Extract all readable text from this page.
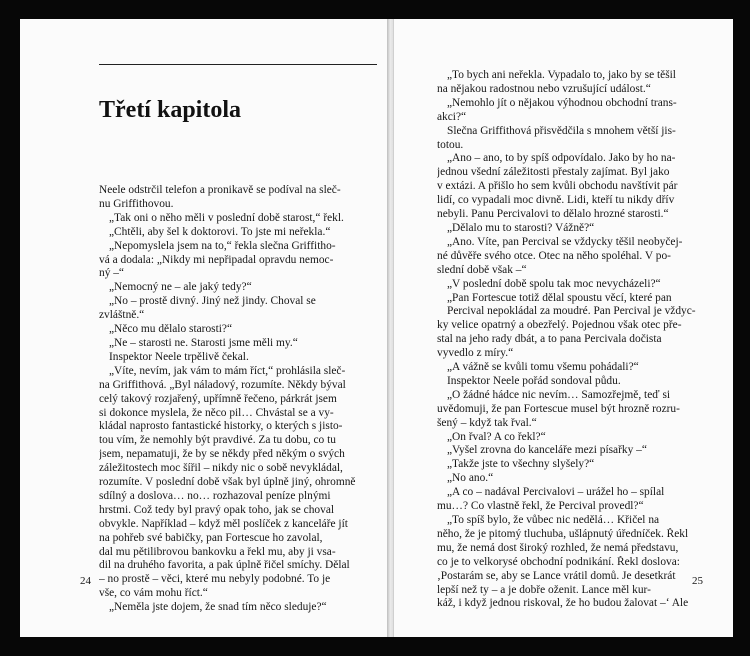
Třetí kapitola

Neele odstrčil telefon a pronikavě se podíval na sleč-

nu Griffithovou.

„Tak oni o něho měli v poslední době starost,“ řekl.

„Chtěli, aby šel k doktorovi. To jste mi neřekla.“

„Nepomyslela jsem na to,“ řekla slečna Griffitho-

vá a dodala: „Nikdy mi nepřipadal opravdu nemoc-

ný –“

„Nemocný ne – ale jaký tedy?“

„No – prostě divný. Jiný než jindy. Choval se

zvláštně.“

„Něco mu dělalo starosti?“

„Ne – starosti ne. Starosti jsme měli my.“

Inspektor Neele trpělivě čekal.

„Víte, nevím, jak vám to mám říct,“ prohlásila sleč-

na Griffithová. „Byl náladový, rozumíte. Někdy býval

celý takový rozjařený, upřímně řečeno, párkrát jsem

si dokonce myslela, že něco pil… Chvástal se a vy-

kládal naprosto fantastické historky, o kterých s jisto-

tou vím, že nemohly být pravdivé. Za tu dobu, co tu

jsem, nepamatuji, že by se někdy před někým o svých

záležitostech moc šířil – nikdy nic o sobě nevykládal,

rozumíte. V poslední době však byl úplně jiný, ohromně

sdílný a doslova… no… rozhazoval peníze plnými

hrstmi. Což tedy byl pravý opak toho, jak se choval

obvykle. Například – když měl poslíček z kanceláře jít

na pohřeb své babičky, pan Fortescue ho zavolal,

dal mu pětilibrovou bankovku a řekl mu, aby ji vsa-

dil na druhého favorita, a pak úplně řičel smíchy. Dělal

– no prostě – věci, které mu nebyly podobné. To je

vše, co vám mohu říct.“

„Neměla jste dojem, že snad tím něco sleduje?“

24

„To bych ani neřekla. Vypadalo to, jako by se těšil

na nějakou radostnou nebo vzrušující událost.“

„Nemohlo jít o nějakou výhodnou obchodní trans-

akci?“

Slečna Griffithová přisvědčila s mnohem větší jis-

totou.

„Ano – ano, to by spíš odpovídalo. Jako by ho na-

jednou všední záležitosti přestaly zajímat. Byl jako

v extázi. A přišlo ho sem kvůli obchodu navštívit pár

lidí, co vypadali moc divně. Lidi, kteří tu nikdy dřív

nebyli. Panu Percivalovi to dělalo hrozné starosti.“

„Dělalo mu to starosti? Vážně?“

„Ano. Víte, pan Percival se vždycky těšil neobyčej-

né důvěře svého otce. Otec na něho spoléhal. V po-

slední době však –“

„V poslední době spolu tak moc nevycházeli?“

„Pan Fortescue totiž dělal spoustu věcí, které pan

Percival nepokládal za moudré. Pan Percival je vždyc-

ky velice opatrný a obezřelý. Pojednou však otec pře-

stal na jeho rady dbát, a to pana Percivala dočista

vyvedlo z míry.“

„A vážně se kvůli tomu všemu pohádali?“

Inspektor Neele pořád sondoval půdu.

„O žádné hádce nic nevím… Samozřejmě, teď si

uvědomuji, že pan Fortescue musel být hrozně rozru-

šený – když tak řval.“

„On řval? A co řekl?“

„Vyšel zrovna do kanceláře mezi písařky –“

„Takže jste to všechny slyšely?“

„No ano.“

„A co – nadával Percivalovi – urážel ho – spílal

mu…? Co vlastně řekl, že Percival provedl?“

„To spíš bylo, že vůbec nic nedělá… Křičel na

něho, že je pitomý tluchuba, ušlápnutý úředníček. Řekl

mu, že nemá dost široký rozhled, že nemá představu,

co je to velkorysé obchodní podnikání. Řekl doslova:

‚Postarám se, aby se Lance vrátil domů. Je desetkrát

lepší než ty – a je dobře oženit. Lance měl kur-

káž, i když jednou riskoval, že ho budou žalovat –‘ Ale

25
